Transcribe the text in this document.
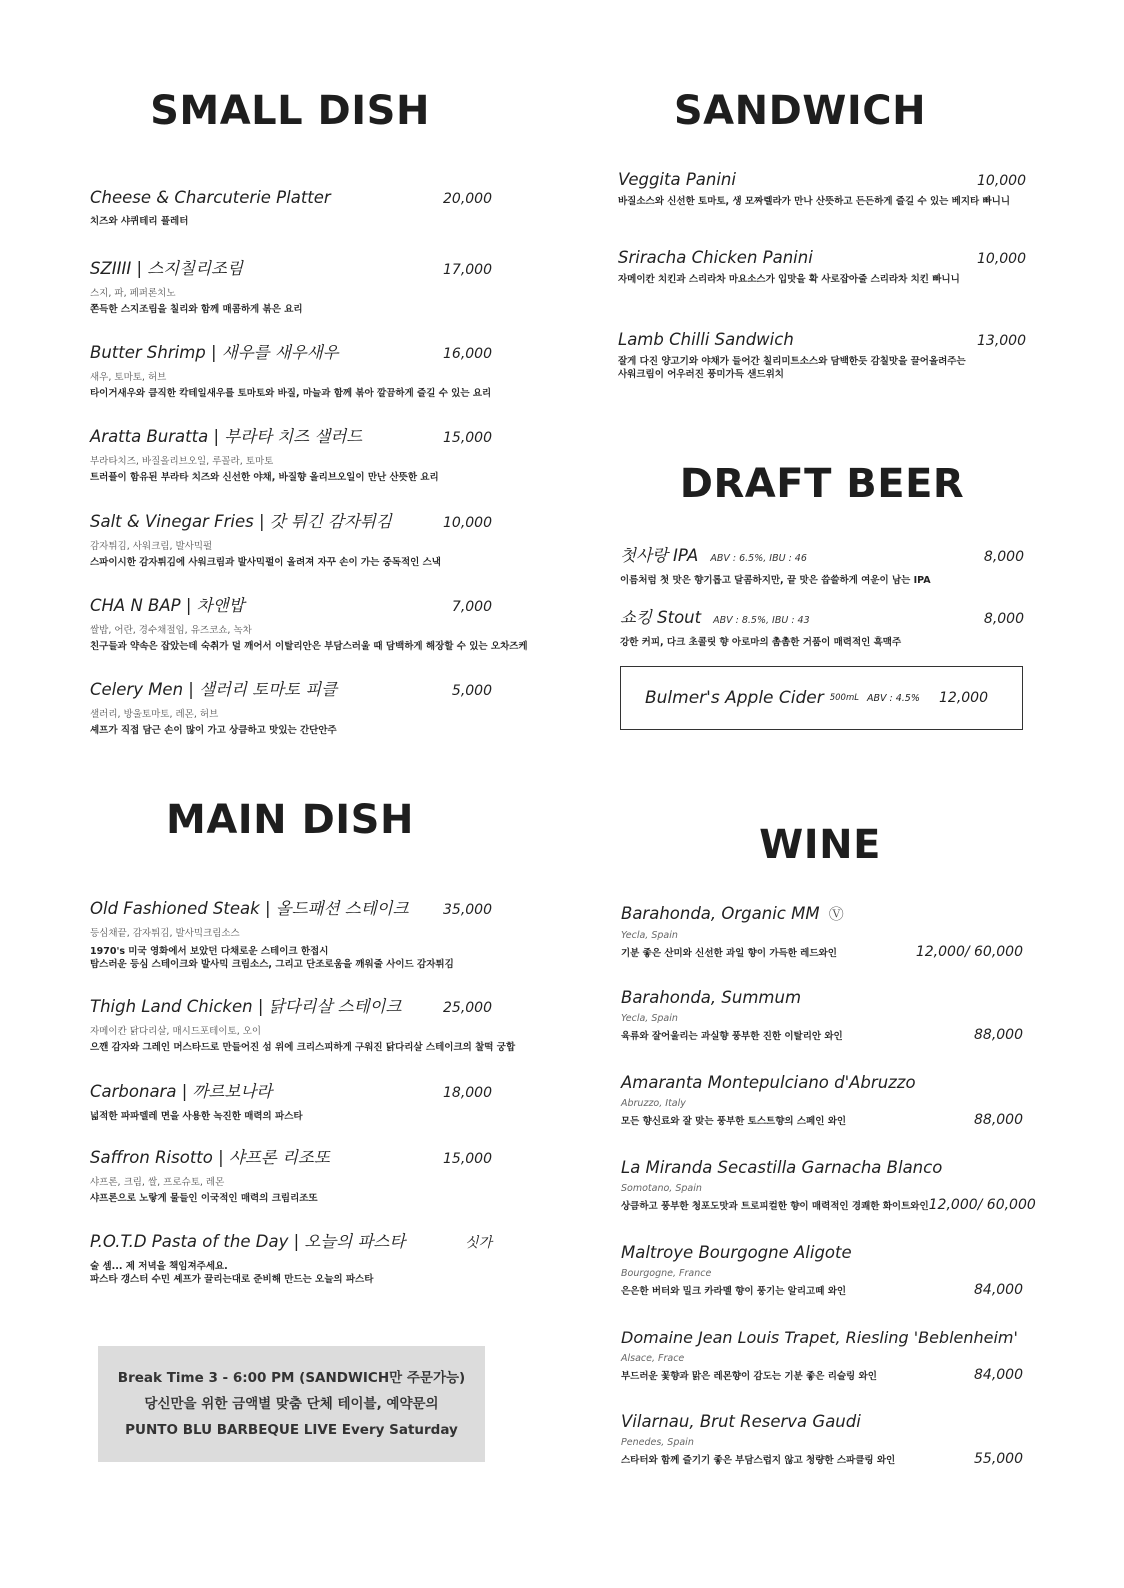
SMALL DISH
Cheese & Charcuterie Platter	20,000
치즈와 샤퀴테리 플레터
SZIIII | 스지칠리조림	17,000
스지, 파, 페퍼론치노
쫀득한 스지조림을 칠리와 함께 매콤하게 볶은 요리
Butter Shrimp | 새우를 새우새우	16,000
새우, 토마토, 허브
타이거새우와 큼직한 칵테일새우를 토마토와 바질, 마늘과 함께 볶아 깔끔하게 즐길 수 있는 요리
Aratta Buratta | 부라타 치즈 샐러드	15,000
부라타치즈, 바질올리브오일, 루꼴라, 토마토
트러플이 함유된 부라타 치즈와 신선한 야채, 바질향 올리브오일이 만난 산뜻한 요리
Salt & Vinegar Fries | 갓 튀긴 감자튀김	10,000
감자튀김, 사워크림, 발사믹펄
스파이시한 감자튀김에 사워크림과 발사믹펄이 올려져 자꾸 손이 가는 중독적인 스낵
CHA N BAP | 차앤밥	7,000
쌀밥, 어란, 경수채절임, 유즈코쇼, 녹차
친구들과 약속은 잡았는데 숙취가 덜 깨어서 이탈리안은 부담스러울 때 담백하게 해장할 수 있는 오차즈케
Celery Men | 샐러리 토마토 피클	5,000
샐러리, 방울토마토, 레몬, 허브
셰프가 직접 담근 손이 많이 가고 상큼하고 맛있는 간단안주
MAIN DISH
Old Fashioned Steak | 올드패션 스테이크 35,000
등심채끝, 감자튀김, 발사믹크림소스
1970's 미국 영화에서 보았던 다채로운 스테이크 한접시
탐스러운 등심 스테이크와 발사믹 크림소스, 그리고 단조로움을 깨워줄 사이드 감자튀김
Thigh Land Chicken | 닭다리살 스테이크	25,000
자메이칸 닭다리살, 매시드포테이토, 오이
으깬 감자와 그레인 머스타드로 만들어진 섬 위에 크리스피하게 구워진 닭다리살 스테이크의 찰떡 궁합
Carbonara | 까르보나라	18,000
넓적한 파파델레 면을 사용한 녹진한 매력의 파스타
Saffron Risotto | 샤프론 리조또	15,000
샤프론, 크림, 쌀, 프로슈토, 레몬
샤프론으로 노랗게 물들인 이국적인 매력의 크림리조또
P.O.T.D Pasta of the Day | 오늘의 파스타	싯가
술 셈... 제 저녁을 책임져주세요.
파스타 갱스터 수민 셰프가 끌리는대로 준비해 만드는 오늘의 파스타
Break Time 3 - 6:00 PM (SANDWICH만 주문가능)
당신만을 위한 금액별 맞춤 단체 테이블, 예약문의
PUNTO BLU BARBEQUE LIVE Every Saturday
SANDWICH
Veggita Panini	10,000
바질소스와 신선한 토마토, 생 모짜렐라가 만나 산뜻하고 든든하게 즐길 수 있는 베지타 빠니니
Sriracha Chicken Panini	10,000
자메이칸 치킨과 스리라차 마요소스가 입맛을 확 사로잡아줄 스리라차 치킨 빠니니
Lamb Chilli Sandwich	13,000
잘게 다진 양고기와 야채가 들어간 칠리미트소스와 담백한듯 감칠맛을 끌어올려주는
사워크림이 어우러진 풍미가득 샌드위치
DRAFT BEER
첫사랑 IPA ABV : 6.5%, IBU : 46	8,000
이름처럼 첫 맛은 향기롭고 달콤하지만, 끝 맛은 씁쓸하게 여운이 남는 IPA
쇼킹 Stout ABV : 8.5%, IBU : 43	8,000
강한 커피, 다크 초콜릿 향 아로마의 촘촘한 거품이 매력적인 흑맥주
Bulmer's Apple Cider 500mL ABV : 4.5% 12,000
WINE
Barahonda, Organic MM Ⓥ
Yecla, Spain
기분 좋은 산미와 신선한 과일 향이 가득한 레드와인	12,000/ 60,000
Barahonda, Summum
Yecla, Spain
육류와 잘어울리는 과실향 풍부한 진한 이탈리안 와인	88,000
Amaranta Montepulciano d'Abruzzo
Abruzzo, Italy
모든 향신료와 잘 맞는 풍부한 토스트향의 스페인 와인	88,000
La Miranda Secastilla Garnacha Blanco
Somotano, Spain
상큼하고 풍부한 청포도맛과 트로피컬한 향이 매력적인 경쾌한 화이트와인 12,000/ 60,000
Maltroye Bourgogne Aligote
Bourgogne, France
은은한 버터와 밀크 카라멜 향이 풍기는 알리고떼 와인	84,000
Domaine Jean Louis Trapet, Riesling 'Beblenheim'
Alsace, Frace
부드러운 꽃향과 맑은 레몬향이 감도는 기분 좋은 리슬링 와인	84,000
Vilarnau, Brut Reserva Gaudi
Penedes, Spain
스타터와 함께 즐기기 좋은 부담스럽지 않고 청량한 스파클링 와인	55,000
